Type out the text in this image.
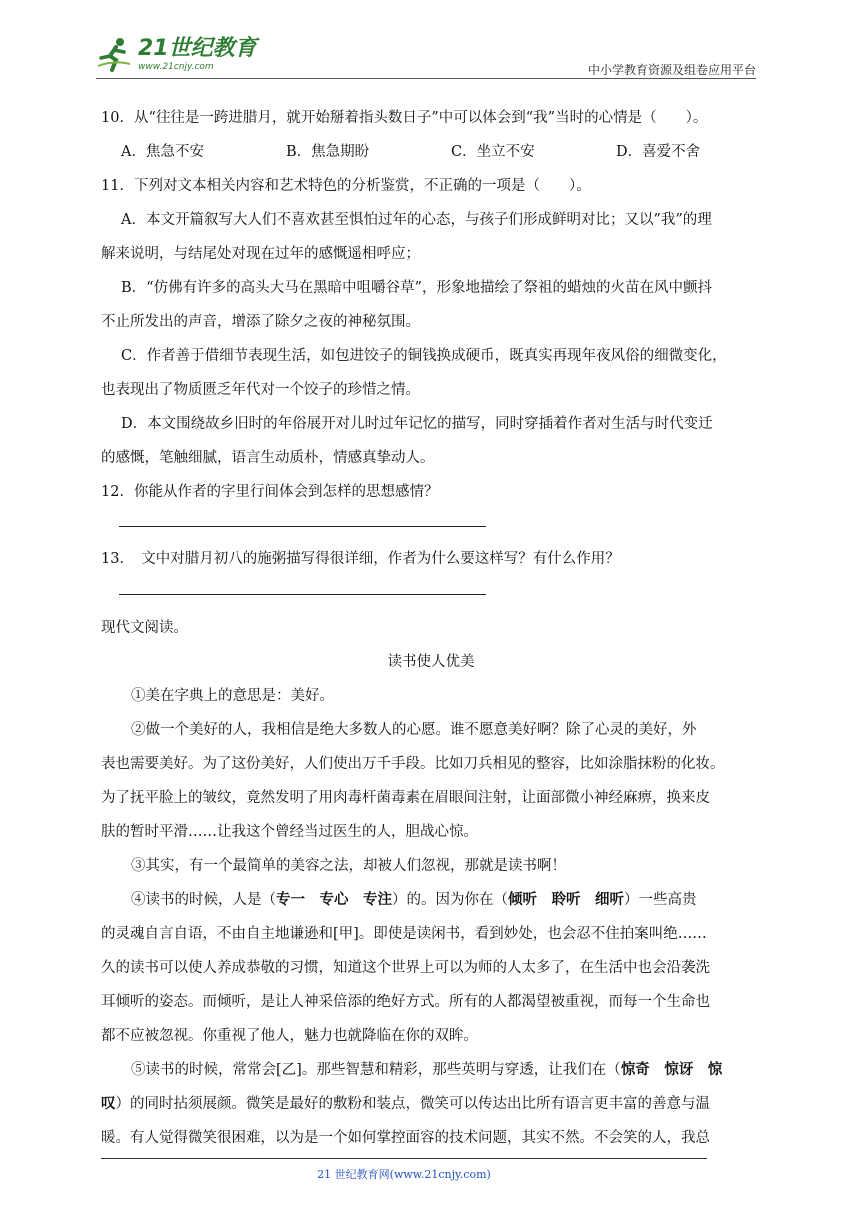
21世纪教育
www.21cnjy.com	中小学教育资源及组卷应用平台
10．从“往往是一跨进腊月，就开始掰着指头数日子”中可以体会到“我”当时的心情是（　　）。
A．焦急不安	B．焦急期盼	C．坐立不安	D．喜爱不舍
11．下列对文本相关内容和艺术特色的分析鉴赏，不正确的一项是（　　）。
A．本文开篇叙写大人们不喜欢甚至惧怕过年的心态，与孩子们形成鲜明对比；又以”我”的理
解来说明，与结尾处对现在过年的感慨遥相呼应；
B．“仿佛有许多的高头大马在黑暗中咀嚼谷草”，形象地描绘了祭祖的蜡烛的火苗在风中颤抖
不止所发出的声音，增添了除夕之夜的神秘氛围。
C．作者善于借细节表现生活，如包进饺子的铜钱换成硬币，既真实再现年夜风俗的细微变化，
也表现出了物质匮乏年代对一个饺子的珍惜之情。
D．本文围绕故乡旧时的年俗展开对儿时过年记忆的描写，同时穿插着作者对生活与时代变迁
的感慨，笔触细腻，语言生动质朴，情感真挚动人。
12．你能从作者的字里行间体会到怎样的思想感情？
13．　文中对腊月初八的施粥描写得很详细，作者为什么要这样写？有什么作用？
现代文阅读。
读书使人优美
①美在字典上的意思是：美好。
②做一个美好的人，我相信是绝大多数人的心愿。谁不愿意美好啊？除了心灵的美好，外
表也需要美好。为了这份美好，人们使出万千手段。比如刀兵相见的整容，比如涂脂抹粉的化妆。
为了抚平脸上的皱纹，竟然发明了用肉毒杆菌毒素在眉眼间注射，让面部微小神经麻痹，换来皮
肤的暂时平滑……让我这个曾经当过医生的人，胆战心惊。
③其实，有一个最简单的美容之法，却被人们忽视，那就是读书啊！
④读书的时候，人是（专一　专心　专注）的。因为你在（倾听　聆听　细听）一些高贵
的灵魂自言自语，不由自主地谦逊和[甲]。即使是读闲书，看到妙处，也会忍不住拍案叫绝……
久的读书可以使人养成恭敬的习惯，知道这个世界上可以为师的人太多了，在生活中也会沿袭洗
耳倾听的姿态。而倾听，是让人神采倍添的绝好方式。所有的人都渴望被重视，而每一个生命也
都不应被忽视。你重视了他人，魅力也就降临在你的双眸。
⑤读书的时候，常常会[乙]。那些智慧和精彩，那些英明与穿透，让我们在（惊奇　惊讶　惊
叹）的同时拈须展颜。微笑是最好的敷粉和装点，微笑可以传达出比所有语言更丰富的善意与温
暖。有人觉得微笑很困难，以为是一个如何掌控面容的技术问题，其实不然。不会笑的人，我总
21 世纪教育网(www.21cnjy.com)
